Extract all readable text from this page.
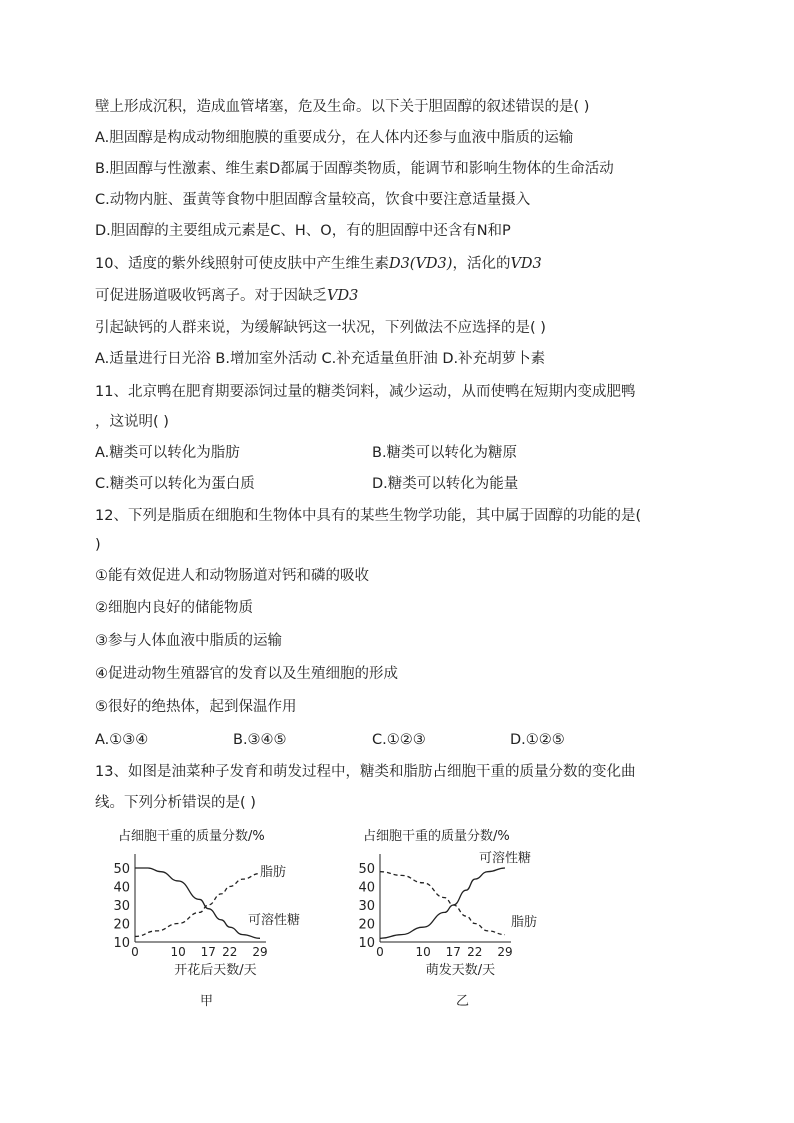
壁上形成沉积，造成血管堵塞，危及生命。以下关于胆固醇的叙述错误的是( )
A.胆固醇是构成动物细胞膜的重要成分，在人体内还参与血液中脂质的运输
B.胆固醇与性激素、维生素D都属于固醇类物质，能调节和影响生物体的生命活动
C.动物内脏、蛋黄等食物中胆固醇含量较高，饮食中要注意适量摄入
D.胆固醇的主要组成元素是C、H、O，有的胆固醇中还含有N和P
10、适度的紫外线照射可使皮肤中产生维生素D3(VD3)，活化的VD3
可促进肠道吸收钙离子。对于因缺乏VD3
引起缺钙的人群来说，为缓解缺钙这一状况，下列做法不应选择的是( )
A.适量进行日光浴 B.增加室外活动 C.补充适量鱼肝油 D.补充胡萝卜素
11、北京鸭在肥育期要添饲过量的糖类饲料，减少运动，从而使鸭在短期内变成肥鸭
，这说明( )
A.糖类可以转化为脂肪	B.糖类可以转化为糖原
C.糖类可以转化为蛋白质	D.糖类可以转化为能量
12、下列是脂质在细胞和生物体中具有的某些生物学功能，其中属于固醇的功能的是(
)
①能有效促进人和动物肠道对钙和磷的吸收
②细胞内良好的储能物质
③参与人体血液中脂质的运输
④促进动物生殖器官的发育以及生殖细胞的形成
⑤很好的绝热体，起到保温作用
A.①③④	B.③④⑤	C.①②③	D.①②⑤
13、如图是油菜种子发育和萌发过程中，糖类和脂肪占细胞干重的质量分数的变化曲
线。下列分析错误的是( )
占细胞干重的质量分数/%
10
20
30
40
50
0	10 17 22 29
开花后天数/天
脂肪
可溶性糖
占细胞干重的质量分数/%
10
20
30
40
50
0	10 17 22 29
萌发天数/天
可溶性糖
脂肪
甲	乙
